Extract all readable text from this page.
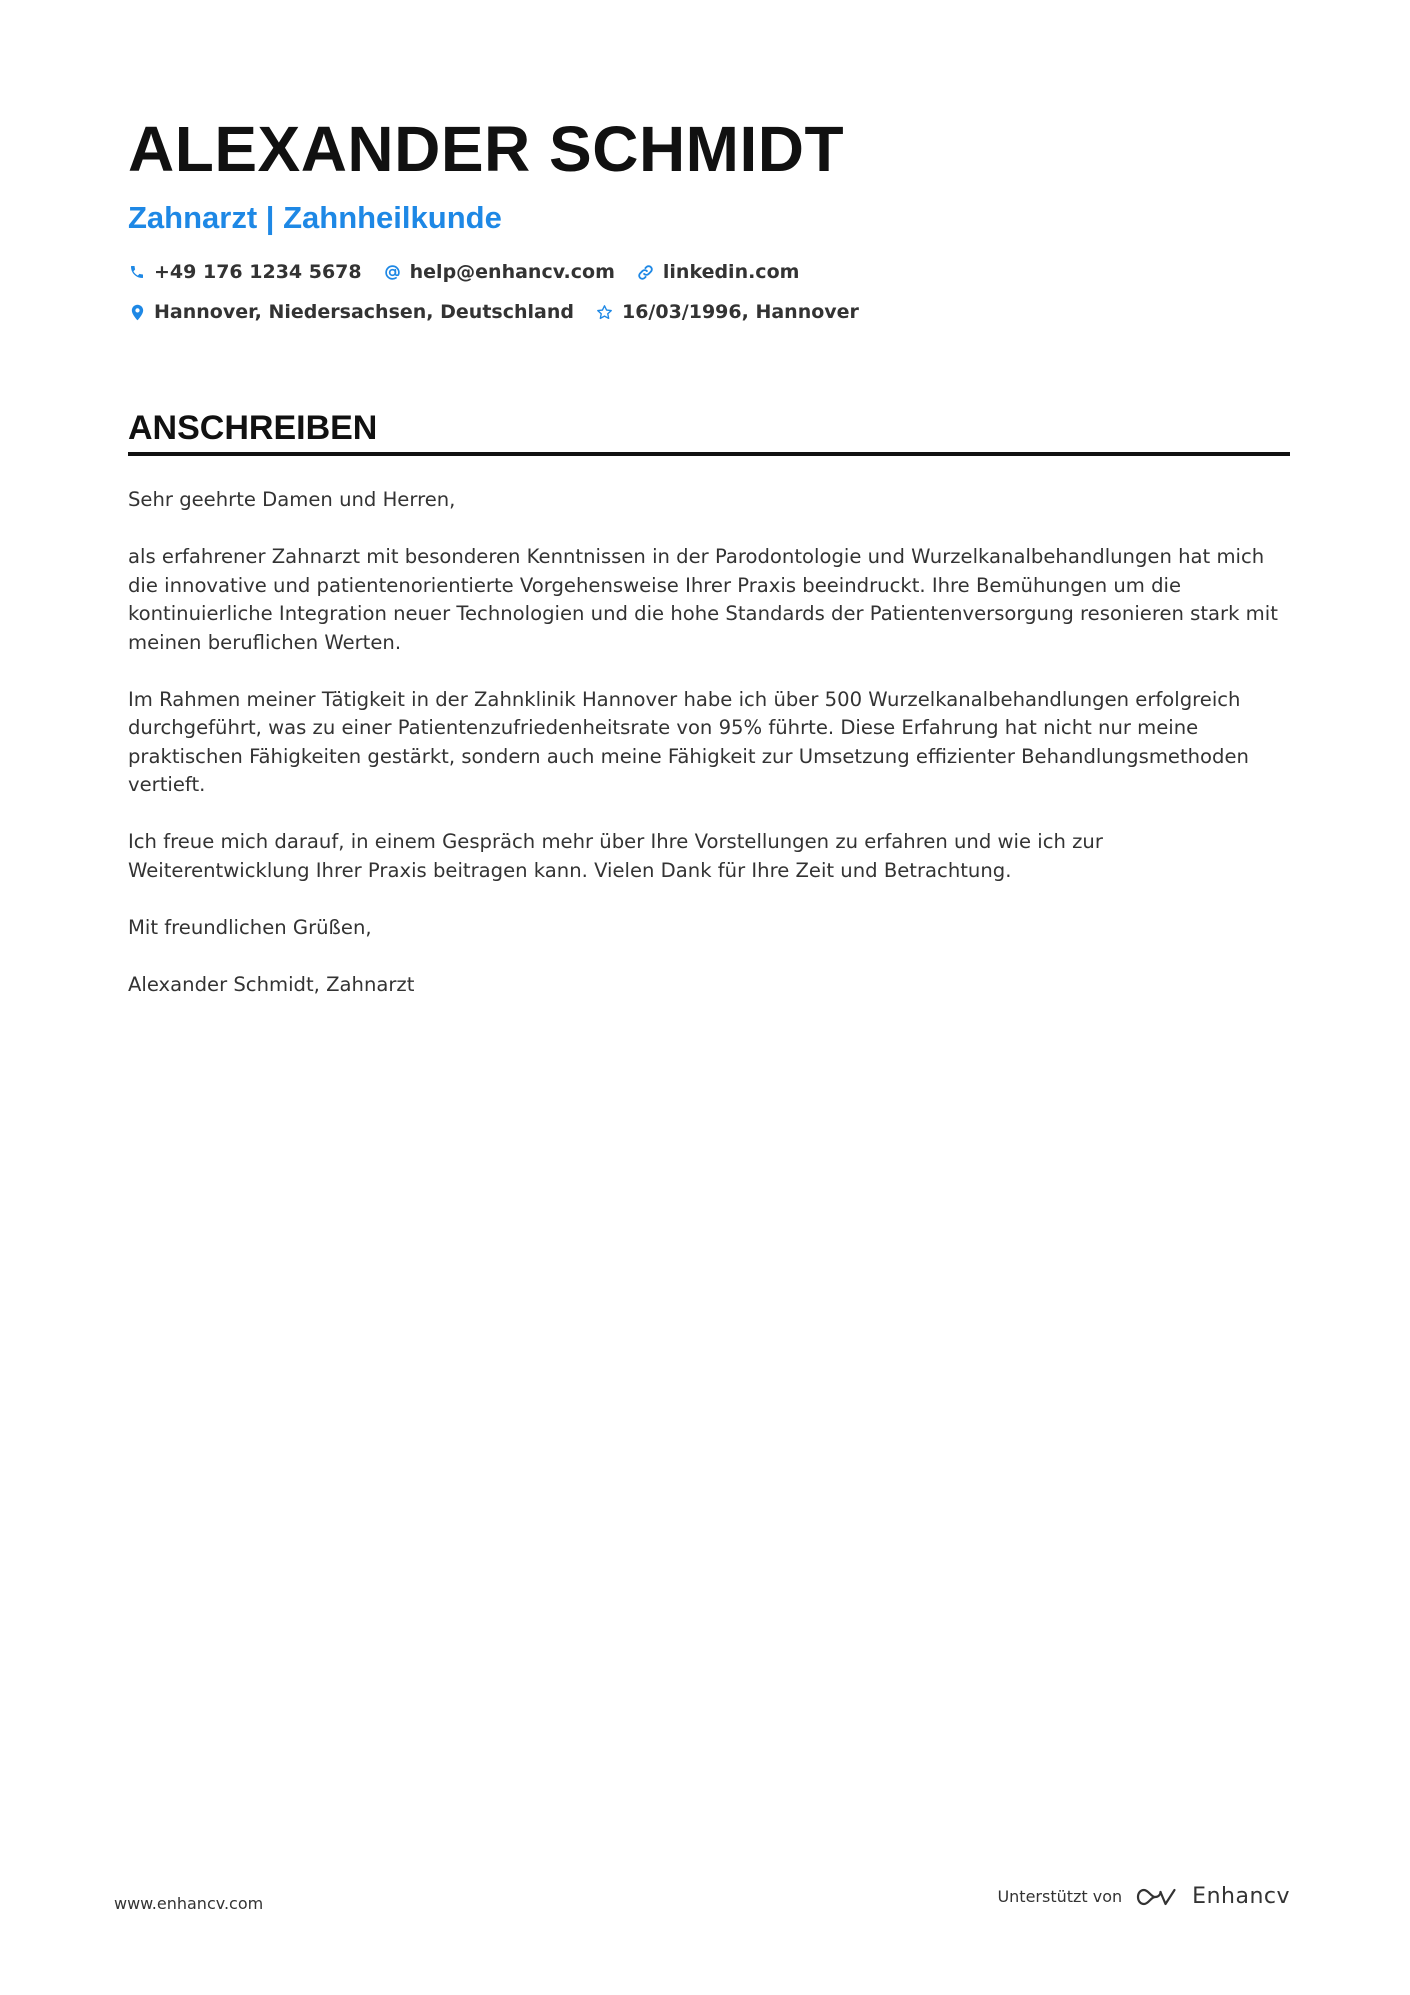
ALEXANDER SCHMIDT
Zahnarzt | Zahnheilkunde
+49 176 1234 5678	help@enhancv.com	linkedin.com
Hannover, Niedersachsen, Deutschland	16/03/1996, Hannover
ANSCHREIBEN

Sehr geehrte Damen und Herren,

als erfahrener Zahnarzt mit besonderen Kenntnissen in der Parodontologie und Wurzelkanalbehandlungen hat mich die innovative und patientenorientierte Vorgehensweise Ihrer Praxis beeindruckt. Ihre Bemühungen um die kontinuierliche Integration neuer Technologien und die hohe Standards der Patientenversorgung resonieren stark mit meinen beruflichen Werten.

Im Rahmen meiner Tätigkeit in der Zahnklinik Hannover habe ich über 500 Wurzelkanalbehandlungen erfolgreich durchgeführt, was zu einer Patientenzufriedenheitsrate von 95% führte. Diese Erfahrung hat nicht nur meine praktischen Fähigkeiten gestärkt, sondern auch meine Fähigkeit zur Umsetzung effizienter Behandlungsmethoden vertieft.

Ich freue mich darauf, in einem Gespräch mehr über Ihre Vorstellungen zu erfahren und wie ich zur Weiterentwicklung Ihrer Praxis beitragen kann. Vielen Dank für Ihre Zeit und Betrachtung.

Mit freundlichen Grüßen,

Alexander Schmidt, Zahnarzt

www.enhancv.com	Unterstützt von	Enhancv
